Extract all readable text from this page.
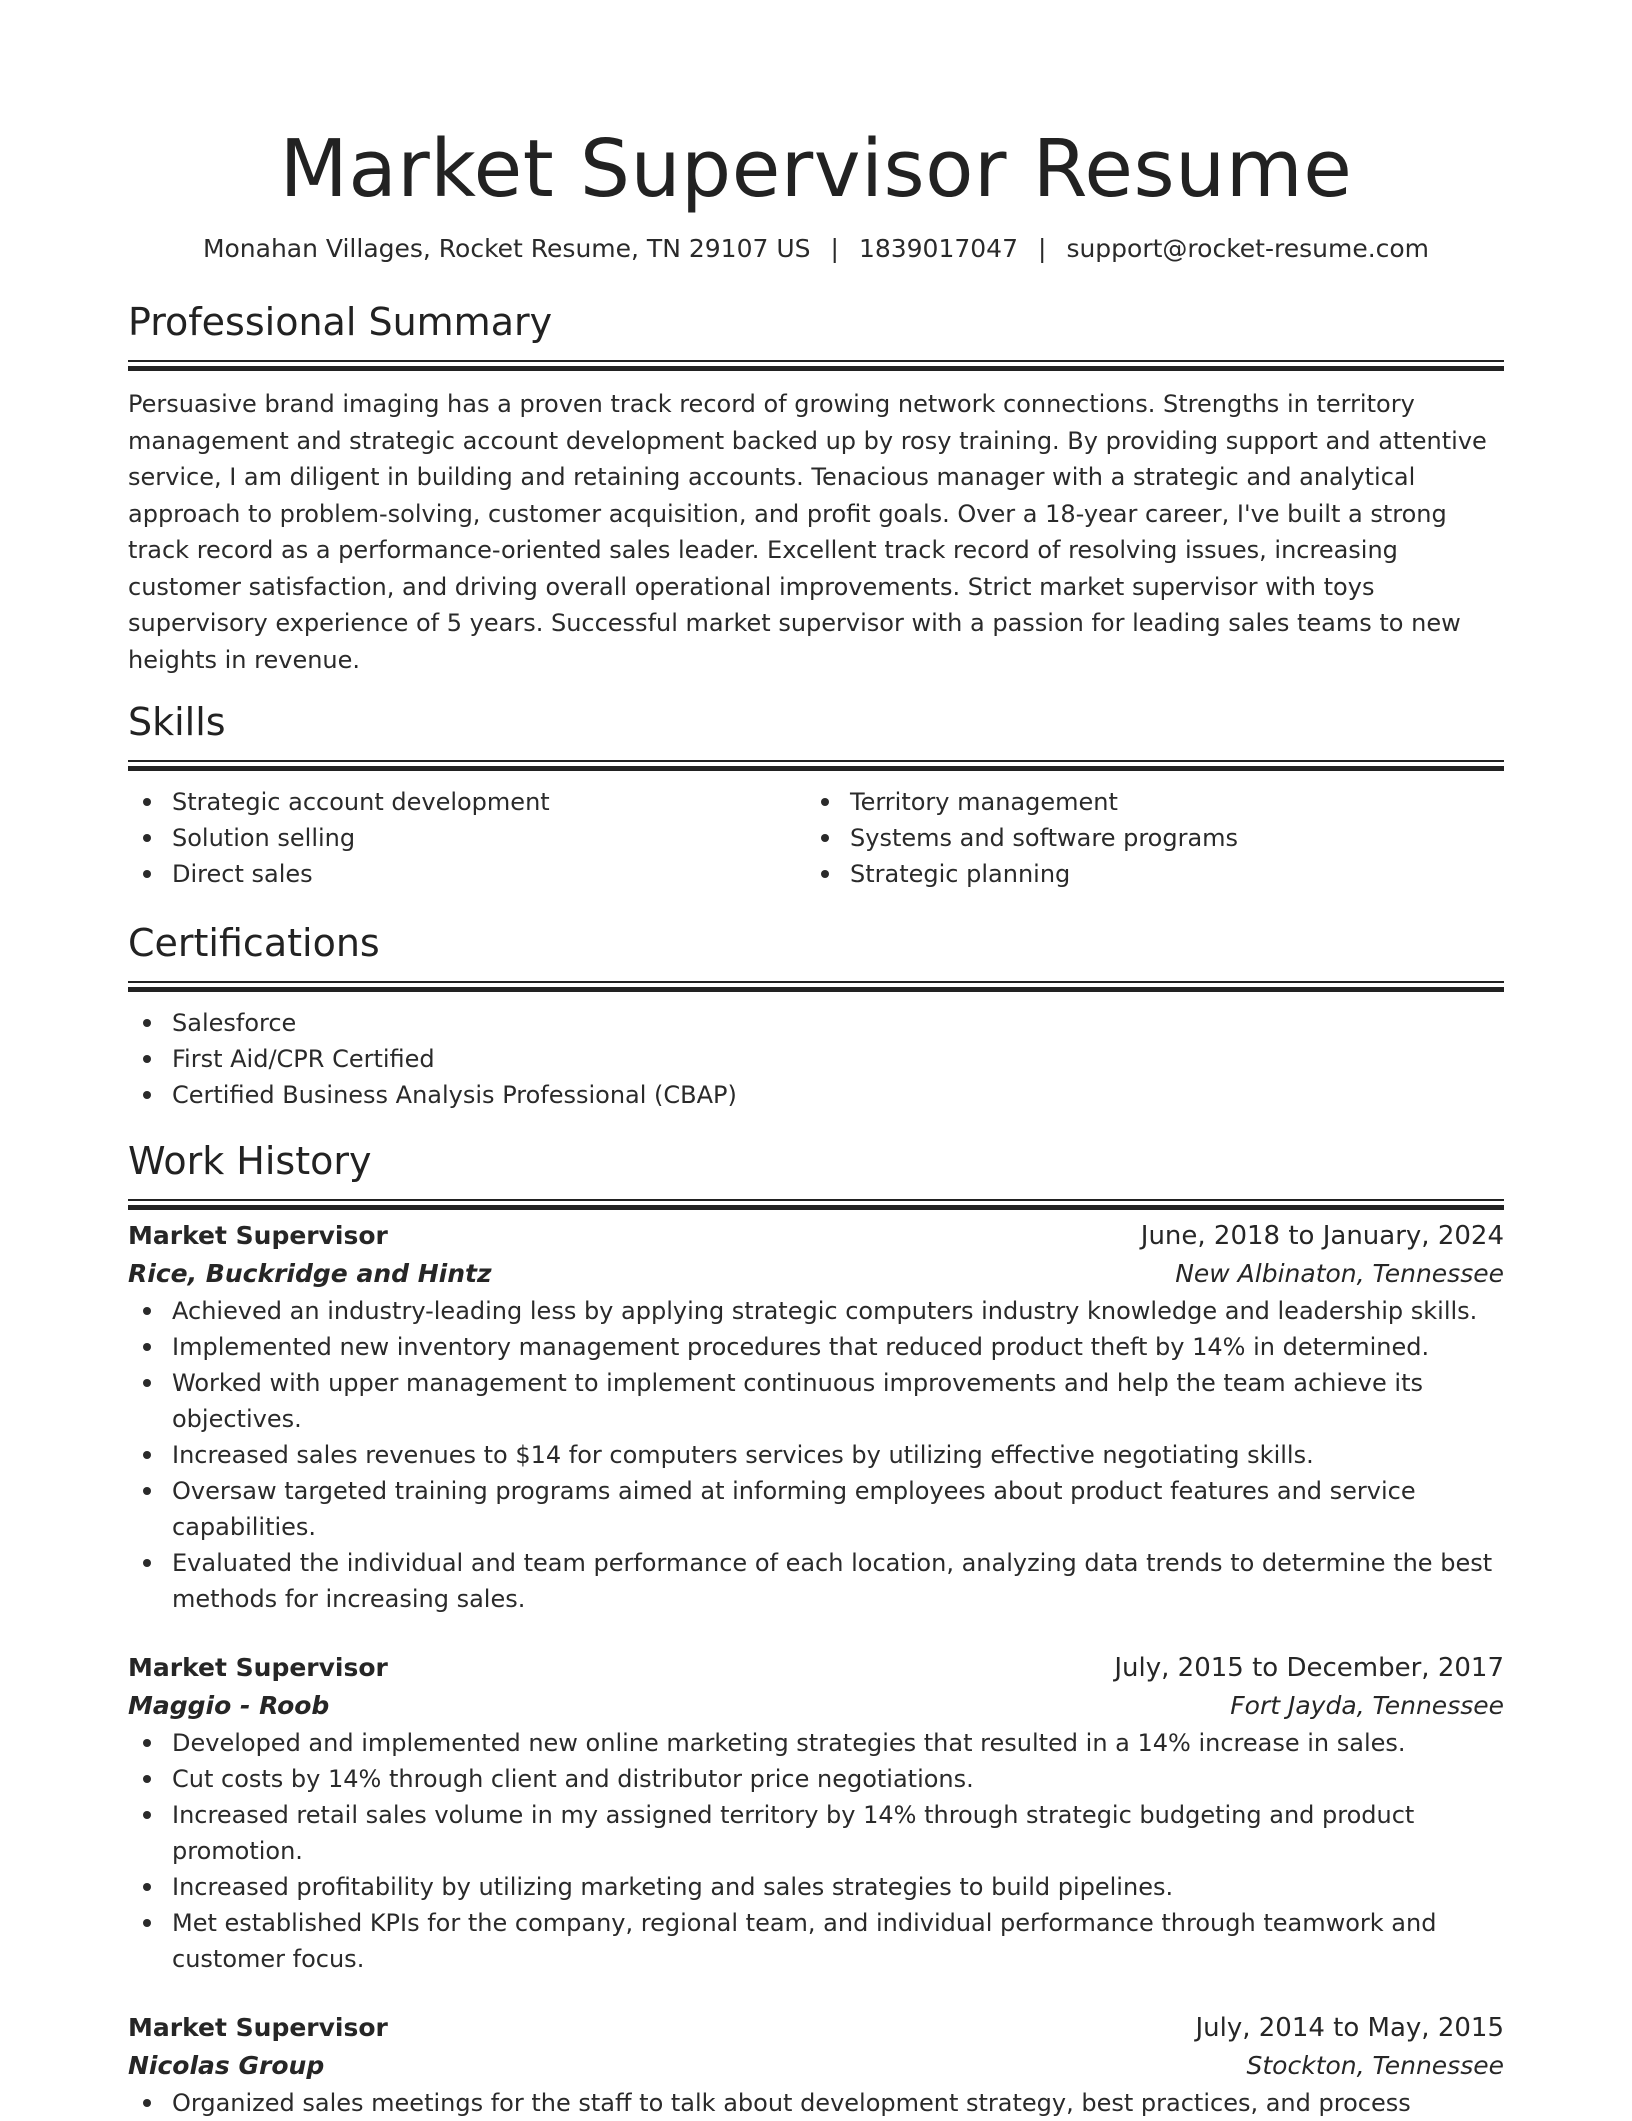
Market Supervisor Resume
Monahan Villages, Rocket Resume, TN 29107 US | 1839017047 | support@rocket-resume.com
Professional Summary
Persuasive brand imaging has a proven track record of growing network connections. Strengths in territory management and strategic account development backed up by rosy training. By providing support and attentive service, I am diligent in building and retaining accounts. Tenacious manager with a strategic and analytical approach to problem-solving, customer acquisition, and profit goals. Over a 18-year career, I've built a strong track record as a performance-oriented sales leader. Excellent track record of resolving issues, increasing customer satisfaction, and driving overall operational improvements. Strict market supervisor with toys supervisory experience of 5 years. Successful market supervisor with a passion for leading sales teams to new heights in revenue.
Skills
Strategic account development
Solution selling
Direct sales
Territory management
Systems and software programs
Strategic planning
Certifications
Salesforce
First Aid/CPR Certified
Certified Business Analysis Professional (CBAP)
Work History
Market Supervisor	June, 2018 to January, 2024
Rice, Buckridge and Hintz	New Albinaton, Tennessee
Achieved an industry-leading less by applying strategic computers industry knowledge and leadership skills.
Implemented new inventory management procedures that reduced product theft by 14% in determined.
Worked with upper management to implement continuous improvements and help the team achieve its objectives.
Increased sales revenues to $14 for computers services by utilizing effective negotiating skills.
Oversaw targeted training programs aimed at informing employees about product features and service capabilities.
Evaluated the individual and team performance of each location, analyzing data trends to determine the best methods for increasing sales.
Market Supervisor	July, 2015 to December, 2017
Maggio - Roob	Fort Jayda, Tennessee
Developed and implemented new online marketing strategies that resulted in a 14% increase in sales.
Cut costs by 14% through client and distributor price negotiations.
Increased retail sales volume in my assigned territory by 14% through strategic budgeting and product promotion.
Increased profitability by utilizing marketing and sales strategies to build pipelines.
Met established KPIs for the company, regional team, and individual performance through teamwork and customer focus.
Market Supervisor	July, 2014 to May, 2015
Nicolas Group	Stockton, Tennessee
Organized sales meetings for the staff to talk about development strategy, best practices, and process
